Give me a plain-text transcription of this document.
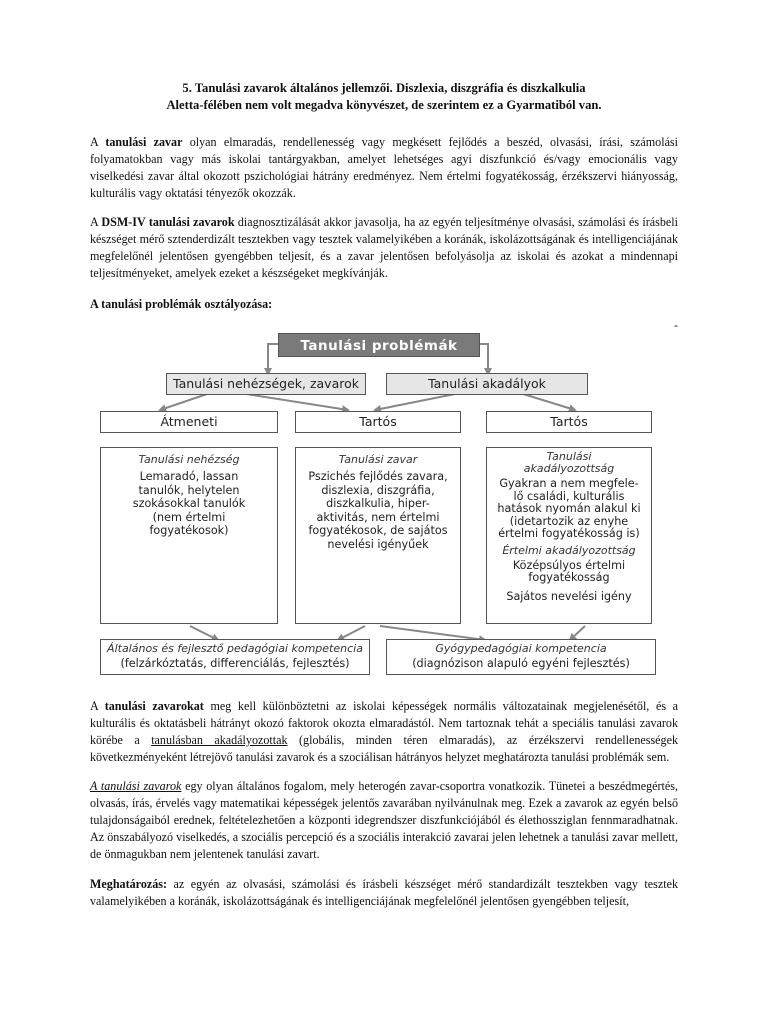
5. Tanulási zavarok általános jellemzői. Diszlexia, diszgráfia és diszkalkulia
Aletta-félében nem volt megadva könyvészet, de szerintem ez a Gyarmatiból van.

A tanulási zavar olyan elmaradás, rendellenesség vagy megkésett fejlődés a beszéd, olvasási, írási, számolási folyamatokban vagy más iskolai tantárgyakban, amelyet lehetséges agyi diszfunkció és/vagy emocionális vagy viselkedési zavar által okozott pszichológiai hátrány eredményez. Nem értelmi fogyatékosság, érzékszervi hiányosság, kulturális vagy oktatási tényezők okozzák.

A DSM-IV tanulási zavarok diagnosztizálását akkor javasolja, ha az egyén teljesítménye olvasási, számolási és írásbeli készséget mérő sztenderdizált tesztekben vagy tesztek valamelyikében a koránák, iskolázottságának és intelligenciájának megfelelőnél jelentősen gyengébben teljesít, és a zavar jelentősen befolyásolja az iskolai és azokat a mindennapi teljesítményeket, amelyek ezeket a készségeket megkívánják.

A tanulási problémák osztályozása:
-
Tanulási problémák
Tanulási nehézségek, zavarok	Tanulási akadályok
Átmeneti	Tartós	Tartós
Tanulási nehézség
Lemaradó, lassan
tanulók, helytelen
szokásokkal tanulók
(nem értelmi
fogyatékosok)
Tanulási zavar
Pszichés fejlődés zavara,
diszlexia, diszgráfia,
diszkalkulia, hiper-
aktivitás, nem értelmi
fogyatékosok, de sajátos
nevelési igényűek
Tanulási
akadályozottság
Gyakran a nem megfele-
lő családi, kulturális
hatások nyomán alakul ki
(idetartozik az enyhe
értelmi fogyatékosság is)
Értelmi akadályozottság
Középsúlyos értelmi
fogyatékosság
Sajátos nevelési igény
Általános és fejlesztő pedagógiai kompetencia
(felzárkóztatás, differenciálás, fejlesztés)
Gyógypedagógiai kompetencia
(diagnózison alapuló egyéni fejlesztés)

A tanulási zavarokat meg kell különböztetni az iskolai képességek normális változatainak megjelenésétől, és a kulturális és oktatásbeli hátrányt okozó faktorok okozta elmaradástól. Nem tartoznak tehát a speciális tanulási zavarok körébe a tanulásban akadályozottak (globális, minden téren elmaradás), az érzékszervi rendellenességek következményeként létrejövő tanulási zavarok és a szociálisan hátrányos helyzet meghatározta tanulási problémák sem.

A tanulási zavarok egy olyan általános fogalom, mely heterogén zavar-csoportra vonatkozik. Tünetei a beszédmegértés, olvasás, írás, érvelés vagy matematikai képességek jelentős zavarában nyilvánulnak meg. Ezek a zavarok az egyén belső tulajdonságaiból erednek, feltételezhetően a központi idegrendszer diszfunkciójából és élethossziglan fennmaradhatnak. Az önszabályozó viselkedés, a szociális percepció és a szociális interakció zavarai jelen lehetnek a tanulási zavar mellett, de önmagukban nem jelentenek tanulási zavart.

Meghatározás: az egyén az olvasási, számolási és írásbeli készséget mérő standardizált tesztekben vagy tesztek valamelyikében a koránák, iskolázottságának és intelligenciájának megfelelőnél jelentősen gyengébben teljesít,
